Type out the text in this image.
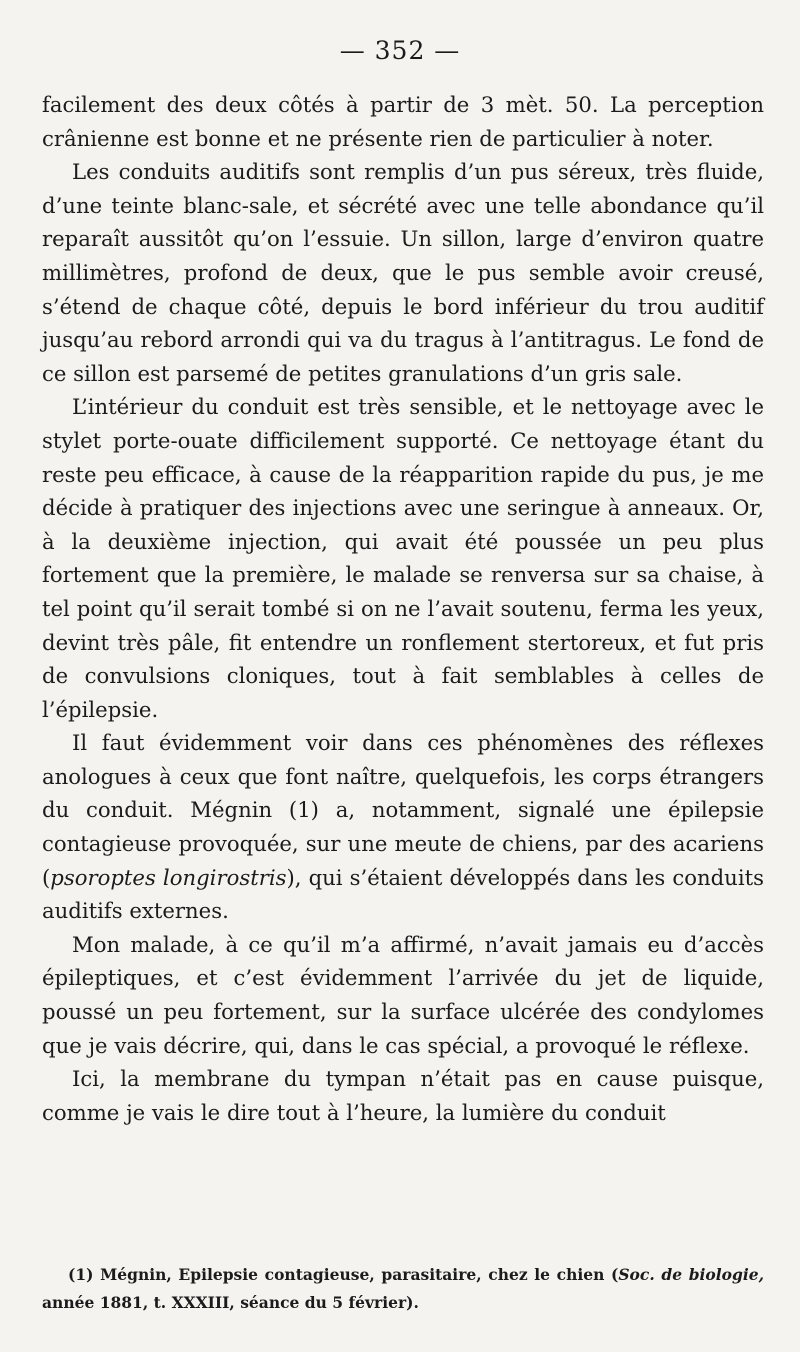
— 352 —

facilement des deux côtés à partir de 3 mèt. 50. La perception crânienne est bonne et ne présente rien de particulier à noter.

Les conduits auditifs sont remplis d’un pus séreux, très fluide, d’une teinte blanc-sale, et sécrété avec une telle abondance qu’il reparaît aussitôt qu’on l’essuie. Un sillon, large d’environ quatre millimètres, profond de deux, que le pus semble avoir creusé, s’étend de chaque côté, depuis le bord inférieur du trou auditif jusqu’au rebord arrondi qui va du tragus à l’antitragus. Le fond de ce sillon est parsemé de petites granulations d’un gris sale.

L’intérieur du conduit est très sensible, et le nettoyage avec le stylet porte-ouate difficilement supporté. Ce nettoyage étant du reste peu efficace, à cause de la réapparition rapide du pus, je me décide à pratiquer des injections avec une seringue à anneaux. Or, à la deuxième injection, qui avait été poussée un peu plus fortement que la première, le malade se renversa sur sa chaise, à tel point qu’il serait tombé si on ne l’avait soutenu, ferma les yeux, devint très pâle, fit entendre un ronflement stertoreux, et fut pris de convulsions cloniques, tout à fait semblables à celles de l’épilepsie.

Il faut évidemment voir dans ces phénomènes des réflexes anologues à ceux que font naître, quelquefois, les corps étrangers du conduit. Mégnin (1) a, notamment, signalé une épilepsie contagieuse provoquée, sur une meute de chiens, par des acariens (psoroptes longirostris), qui s’étaient développés dans les conduits auditifs externes.

Mon malade, à ce qu’il m’a affirmé, n’avait jamais eu d’accès épileptiques, et c’est évidemment l’arrivée du jet de liquide, poussé un peu fortement, sur la surface ulcérée des condylomes que je vais décrire, qui, dans le cas spécial, a provoqué le réflexe.

Ici, la membrane du tympan n’était pas en cause puisque, comme je vais le dire tout à l’heure, la lumière du conduit

(1) Mégnin, Epilepsie contagieuse, parasitaire, chez le chien (Soc. de biologie, année 1881, t. XXXIII, séance du 5 février).
